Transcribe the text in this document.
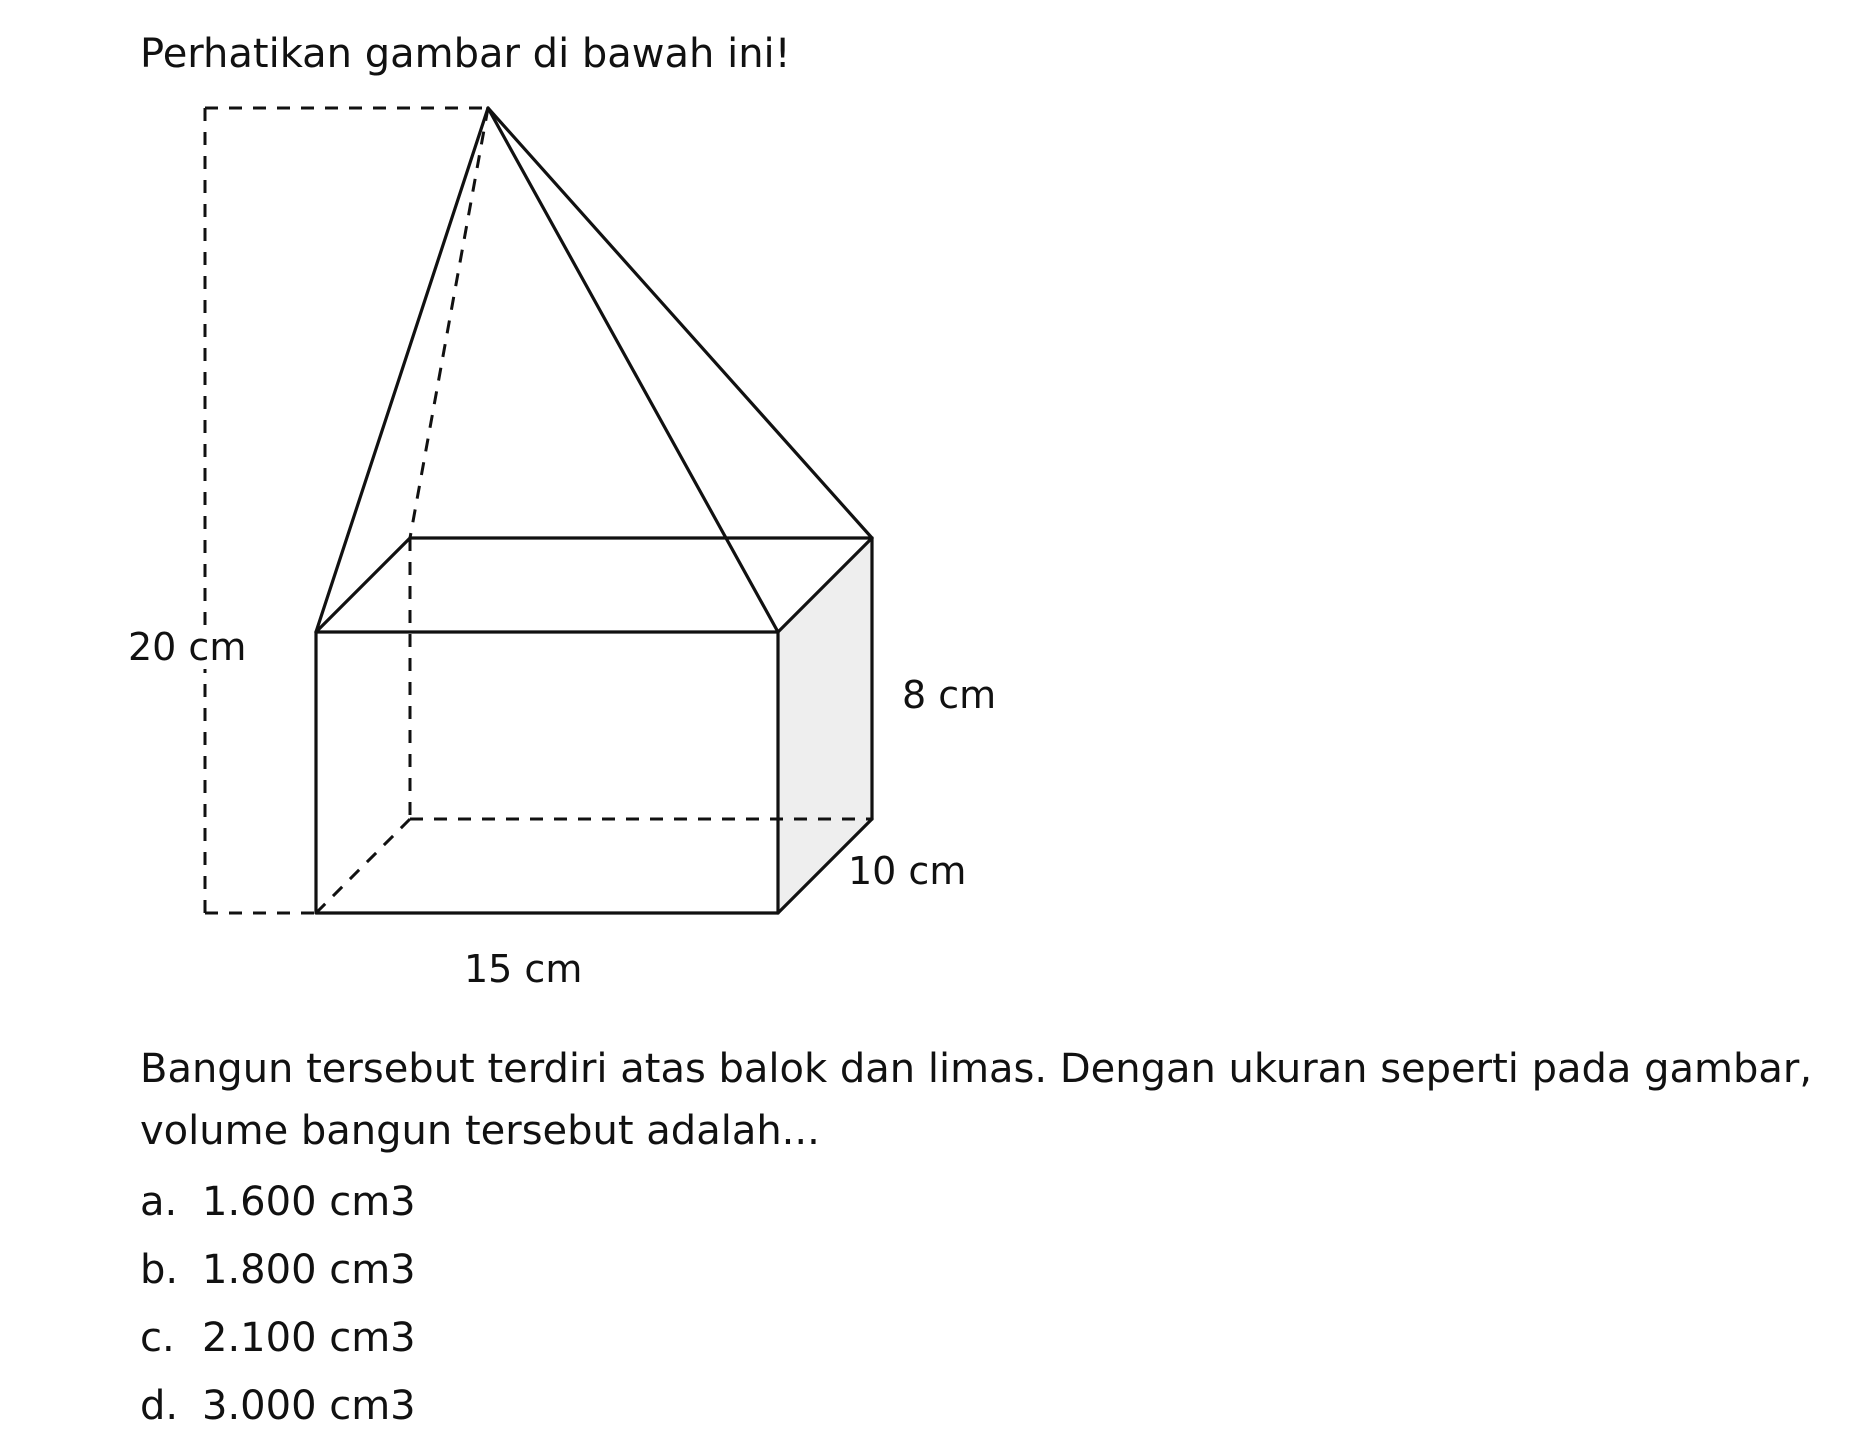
Perhatikan gambar di bawah ini!
20 cm
8 cm
10 cm
15 cm
Bangun tersebut terdiri atas balok dan limas. Dengan ukuran seperti pada gambar, volume bangun tersebut adalah...
a. 1.600 cm3
b. 1.800 cm3
c. 2.100 cm3
d. 3.000 cm3
